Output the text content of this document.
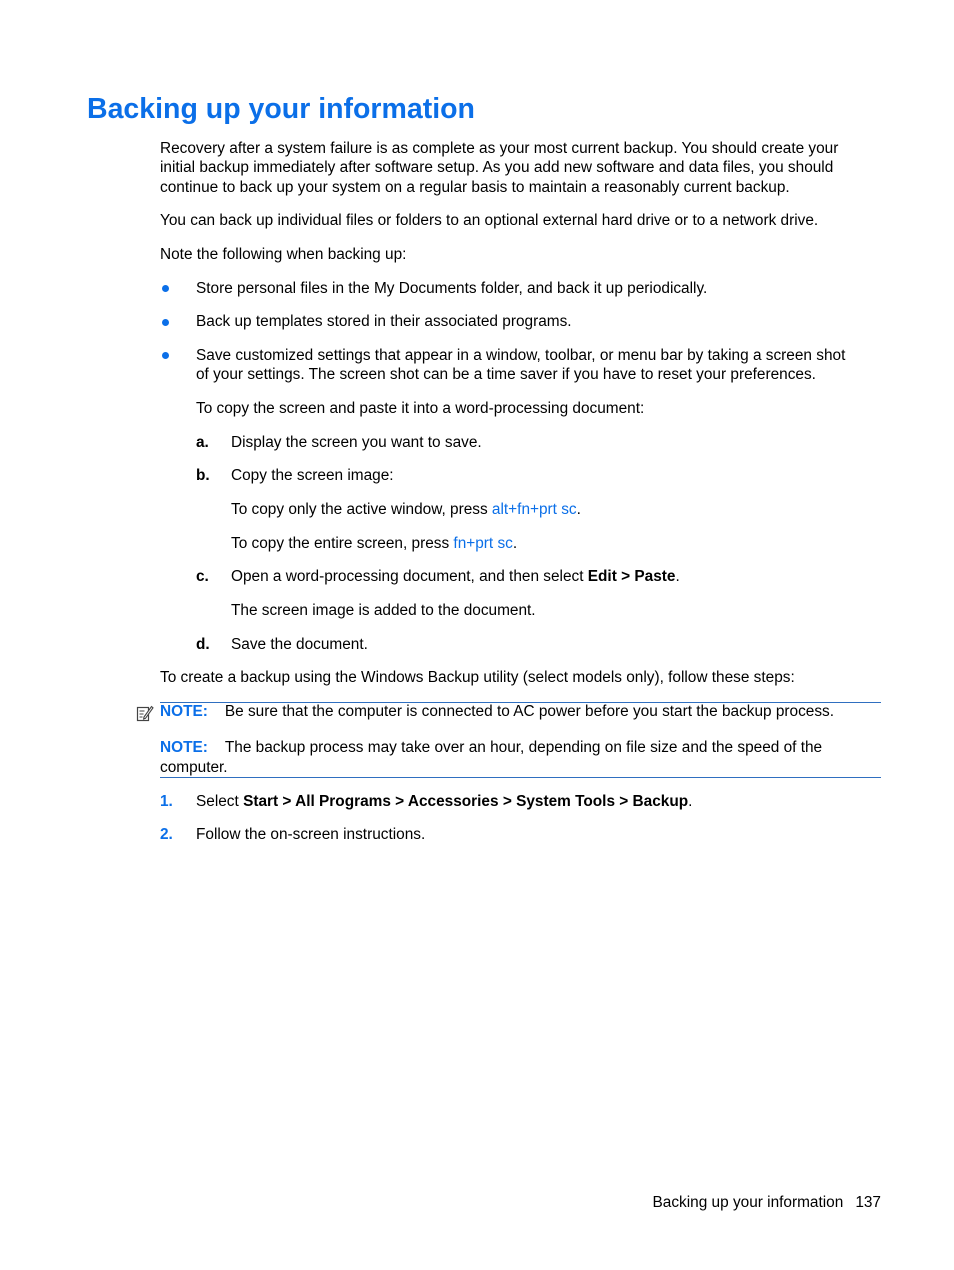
Backing up your information
Recovery after a system failure is as complete as your most current backup. You should create your
initial backup immediately after software setup. As you add new software and data files, you should
continue to back up your system on a regular basis to maintain a reasonably current backup.
You can back up individual files or folders to an optional external hard drive or to a network drive.
Note the following when backing up:
Store personal files in the My Documents folder, and back it up periodically.
Back up templates stored in their associated programs.
Save customized settings that appear in a window, toolbar, or menu bar by taking a screen shot
of your settings. The screen shot can be a time saver if you have to reset your preferences.
To copy the screen and paste it into a word-processing document:
a. Display the screen you want to save.
b. Copy the screen image:
To copy only the active window, press alt+fn+prt sc.
To copy the entire screen, press fn+prt sc.
c. Open a word-processing document, and then select Edit > Paste.
The screen image is added to the document.
d. Save the document.
To create a backup using the Windows Backup utility (select models only), follow these steps:
NOTE: Be sure that the computer is connected to AC power before you start the backup process.
NOTE: The backup process may take over an hour, depending on file size and the speed of the
computer.
1. Select Start > All Programs > Accessories > System Tools > Backup.
2. Follow the on-screen instructions.
Backing up your information 137
